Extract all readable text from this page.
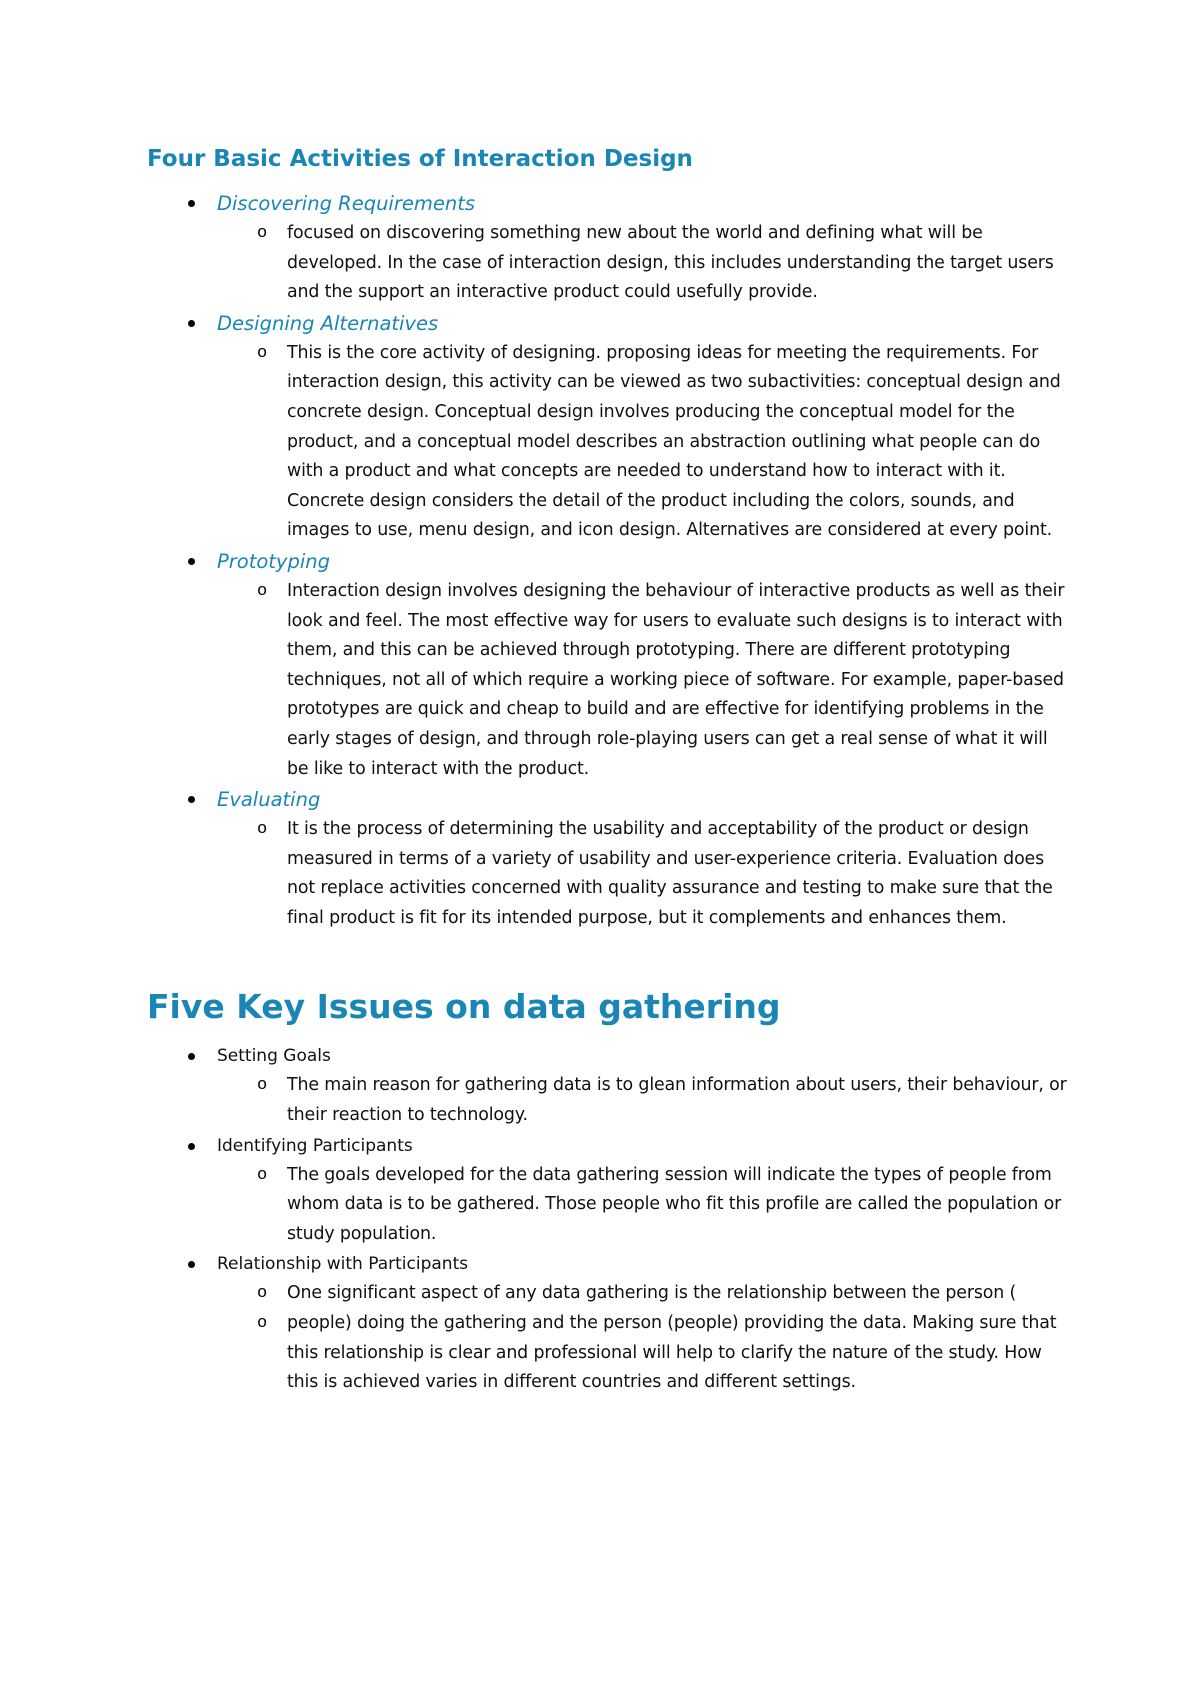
Four Basic Activities of Interaction Design
Discovering Requirements
o focused on discovering something new about the world and defining what will be developed. In the case of interaction design, this includes understanding the target users and the support an interactive product could usefully provide.
Designing Alternatives
o This is the core activity of designing. proposing ideas for meeting the requirements. For interaction design, this activity can be viewed as two subactivities: conceptual design and concrete design. Conceptual design involves producing the conceptual model for the product, and a conceptual model describes an abstraction outlining what people can do with a product and what concepts are needed to understand how to interact with it. Concrete design considers the detail of the product including the colors, sounds, and images to use, menu design, and icon design. Alternatives are considered at every point.
Prototyping
o Interaction design involves designing the behaviour of interactive products as well as their look and feel. The most effective way for users to evaluate such designs is to interact with them, and this can be achieved through prototyping. There are different prototyping techniques, not all of which require a working piece of software. For example, paper-based prototypes are quick and cheap to build and are effective for identifying problems in the early stages of design, and through role-playing users can get a real sense of what it will be like to interact with the product.
Evaluating
o It is the process of determining the usability and acceptability of the product or design measured in terms of a variety of usability and user-experience criteria. Evaluation does not replace activities concerned with quality assurance and testing to make sure that the final product is fit for its intended purpose, but it complements and enhances them.
Five Key Issues on data gathering
Setting Goals
o The main reason for gathering data is to glean information about users, their behaviour, or their reaction to technology.
Identifying Participants
o The goals developed for the data gathering session will indicate the types of people from whom data is to be gathered. Those people who fit this profile are called the population or study population.
Relationship with Participants
o One significant aspect of any data gathering is the relationship between the person (
o people) doing the gathering and the person (people) providing the data. Making sure that this relationship is clear and professional will help to clarify the nature of the study. How this is achieved varies in different countries and different settings.
